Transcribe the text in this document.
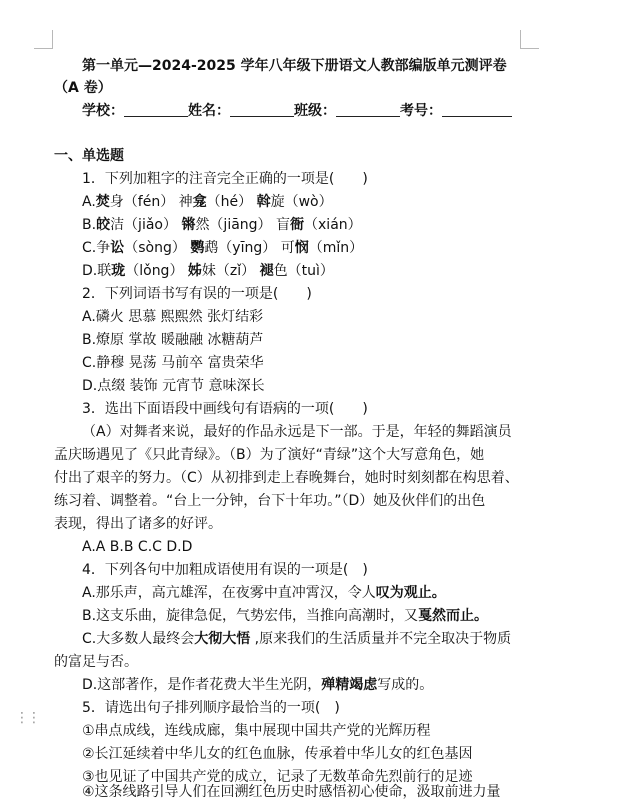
⋮⋮
第一单元—2024-2025 学年八年级下册语文人教部编版单元测评卷
（A 卷）
学校：	姓名：	班级：	考号：
一、单选题
1．下列加粗字的注音完全正确的一项是(　　)
A.焚身（fén） 神龛（hé） 斡旋（wò）
B.皎洁（jiǎo） 锵然（jiāng） 盲衙（xián）
C.争讼（sòng） 鹦鹉（yīng） 可悯（mǐn）
D.联珑（lǒng） 姊妹（zǐ） 褪色（tuì）
2．下列词语书写有误的一项是(　　)
A.磷火 思慕 熙熙然 张灯结彩
B.燎原 掌故 暖融融 冰糖葫芦
C.静穆 晃荡 马前卒 富贵荣华
D.点缀 装饰 元宵节 意味深长
3．选出下面语段中画线句有语病的一项(　　)
（A）对舞者来说，最好的作品永远是下一部。于是，年轻的舞蹈演员
孟庆旸遇见了《只此青绿》。（B）为了演好“青绿”这个大写意角色，她
付出了艰辛的努力。（C）从初排到走上春晚舞台，她时时刻刻都在构思着、
练习着、调整着。“台上一分钟，台下十年功。”（D）她及伙伴们的出色
表现，得出了诸多的好评。
A.A B.B C.C D.D
4．下列各句中加粗成语使用有误的一项是(　)
A.那乐声，高亢雄浑，在夜雾中直冲霄汉，令人叹为观止。
B.这支乐曲，旋律急促，气势宏伟，当推向高潮时，又戛然而止。
C.大多数人最终会大彻大悟 ,原来我们的生活质量并不完全取决于物质
的富足与否。
D.这部著作，是作者花费大半生光阴，殚精竭虑写成的。
5．请选出句子排列顺序最恰当的一项(　)
①串点成线，连线成廊，集中展现中国共产党的光辉历程
②长江延续着中华儿女的红色血脉，传承着中华儿女的红色基因
③也见证了中国共产党的成立，记录了无数革命先烈前行的足迹
④这条线路引导人们在回溯红色历史时感悟初心使命，汲取前进力量
